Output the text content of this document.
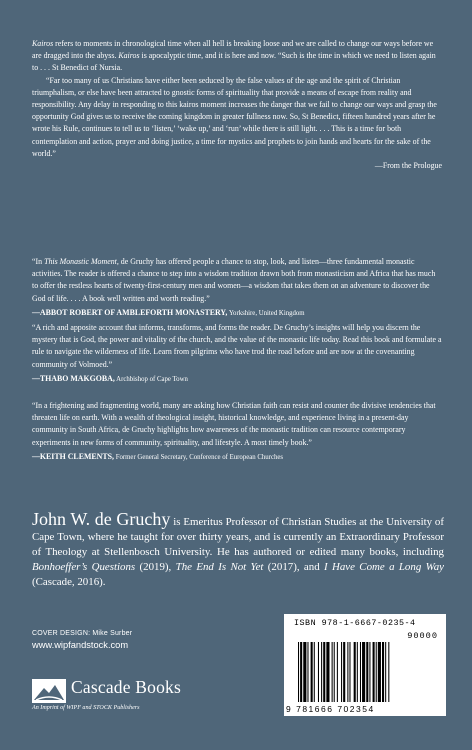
Kairos refers to moments in chronological time when all hell is breaking loose and we are called to change our ways before we are dragged into the abyss. Kairos is apocalyptic time, and it is here and now. “Such is the time in which we need to listen again to . . . St Benedict of Nursia.

“Far too many of us Christians have either been seduced by the false values of the age and the spirit of Christian triumphalism, or else have been attracted to gnostic forms of spirituality that provide a means of escape from reality and responsibility. Any delay in responding to this kairos moment increases the danger that we fail to change our ways and grasp the opportunity God gives us to receive the coming kingdom in greater fullness now. So, St Benedict, fifteen hundred years after he wrote his Rule, continues to tell us to ‘listen,’ ‘wake up,’ and ‘run’ while there is still light. . . . This is a time for both contemplation and action, prayer and doing justice, a time for mystics and prophets to join hands and hearts for the sake of the world.”

—From the Prologue

“In This Monastic Moment, de Gruchy has offered people a chance to stop, look, and listen—three fundamental monastic activities. The reader is offered a chance to step into a wisdom tradition drawn both from monasticism and Africa that has much to offer the restless hearts of twenty-first-century men and women—a wisdom that takes them on an adventure to discover the God of life. . . . A book well written and worth reading.”

—ABBOT ROBERT OF AMBLEFORTH MONASTERY, Yorkshire, United Kingdom

“A rich and apposite account that informs, transforms, and forms the reader. De Gruchy’s insights will help you discern the mystery that is God, the power and vitality of the church, and the value of the monastic life today. Read this book and formulate a rule to navigate the wilderness of life. Learn from pilgrims who have trod the road before and are now at the covenanting community of Volmoed.”

—THABO MAKGOBA, Archbishop of Cape Town

“In a frightening and fragmenting world, many are asking how Christian faith can resist and counter the divisive tendencies that threaten life on earth. With a wealth of theological insight, historical knowledge, and experience living in a present-day community in South Africa, de Gruchy highlights how awareness of the monastic tradition can resource contemporary experiments in new forms of community, spirituality, and lifestyle. A most timely book.”

—KEITH CLEMENTS, Former General Secretary, Conference of European Churches

John W. de Gruchy is Emeritus Professor of Christian Studies at the University of Cape Town, where he taught for over thirty years, and is currently an Extraordinary Professor of Theology at Stellenbosch University. He has authored or edited many books, including Bonhoeffer’s Questions (2019), The End Is Not Yet (2017), and I Have Come a Long Way (Cascade, 2016).
COVER DESIGN: Mike Surber
www.wipfandstock.com
Cascade Books
An Imprint of WIPF and STOCK Publishers
ISBN 978-1-6667-0235-4
90000
9 781666 702354
